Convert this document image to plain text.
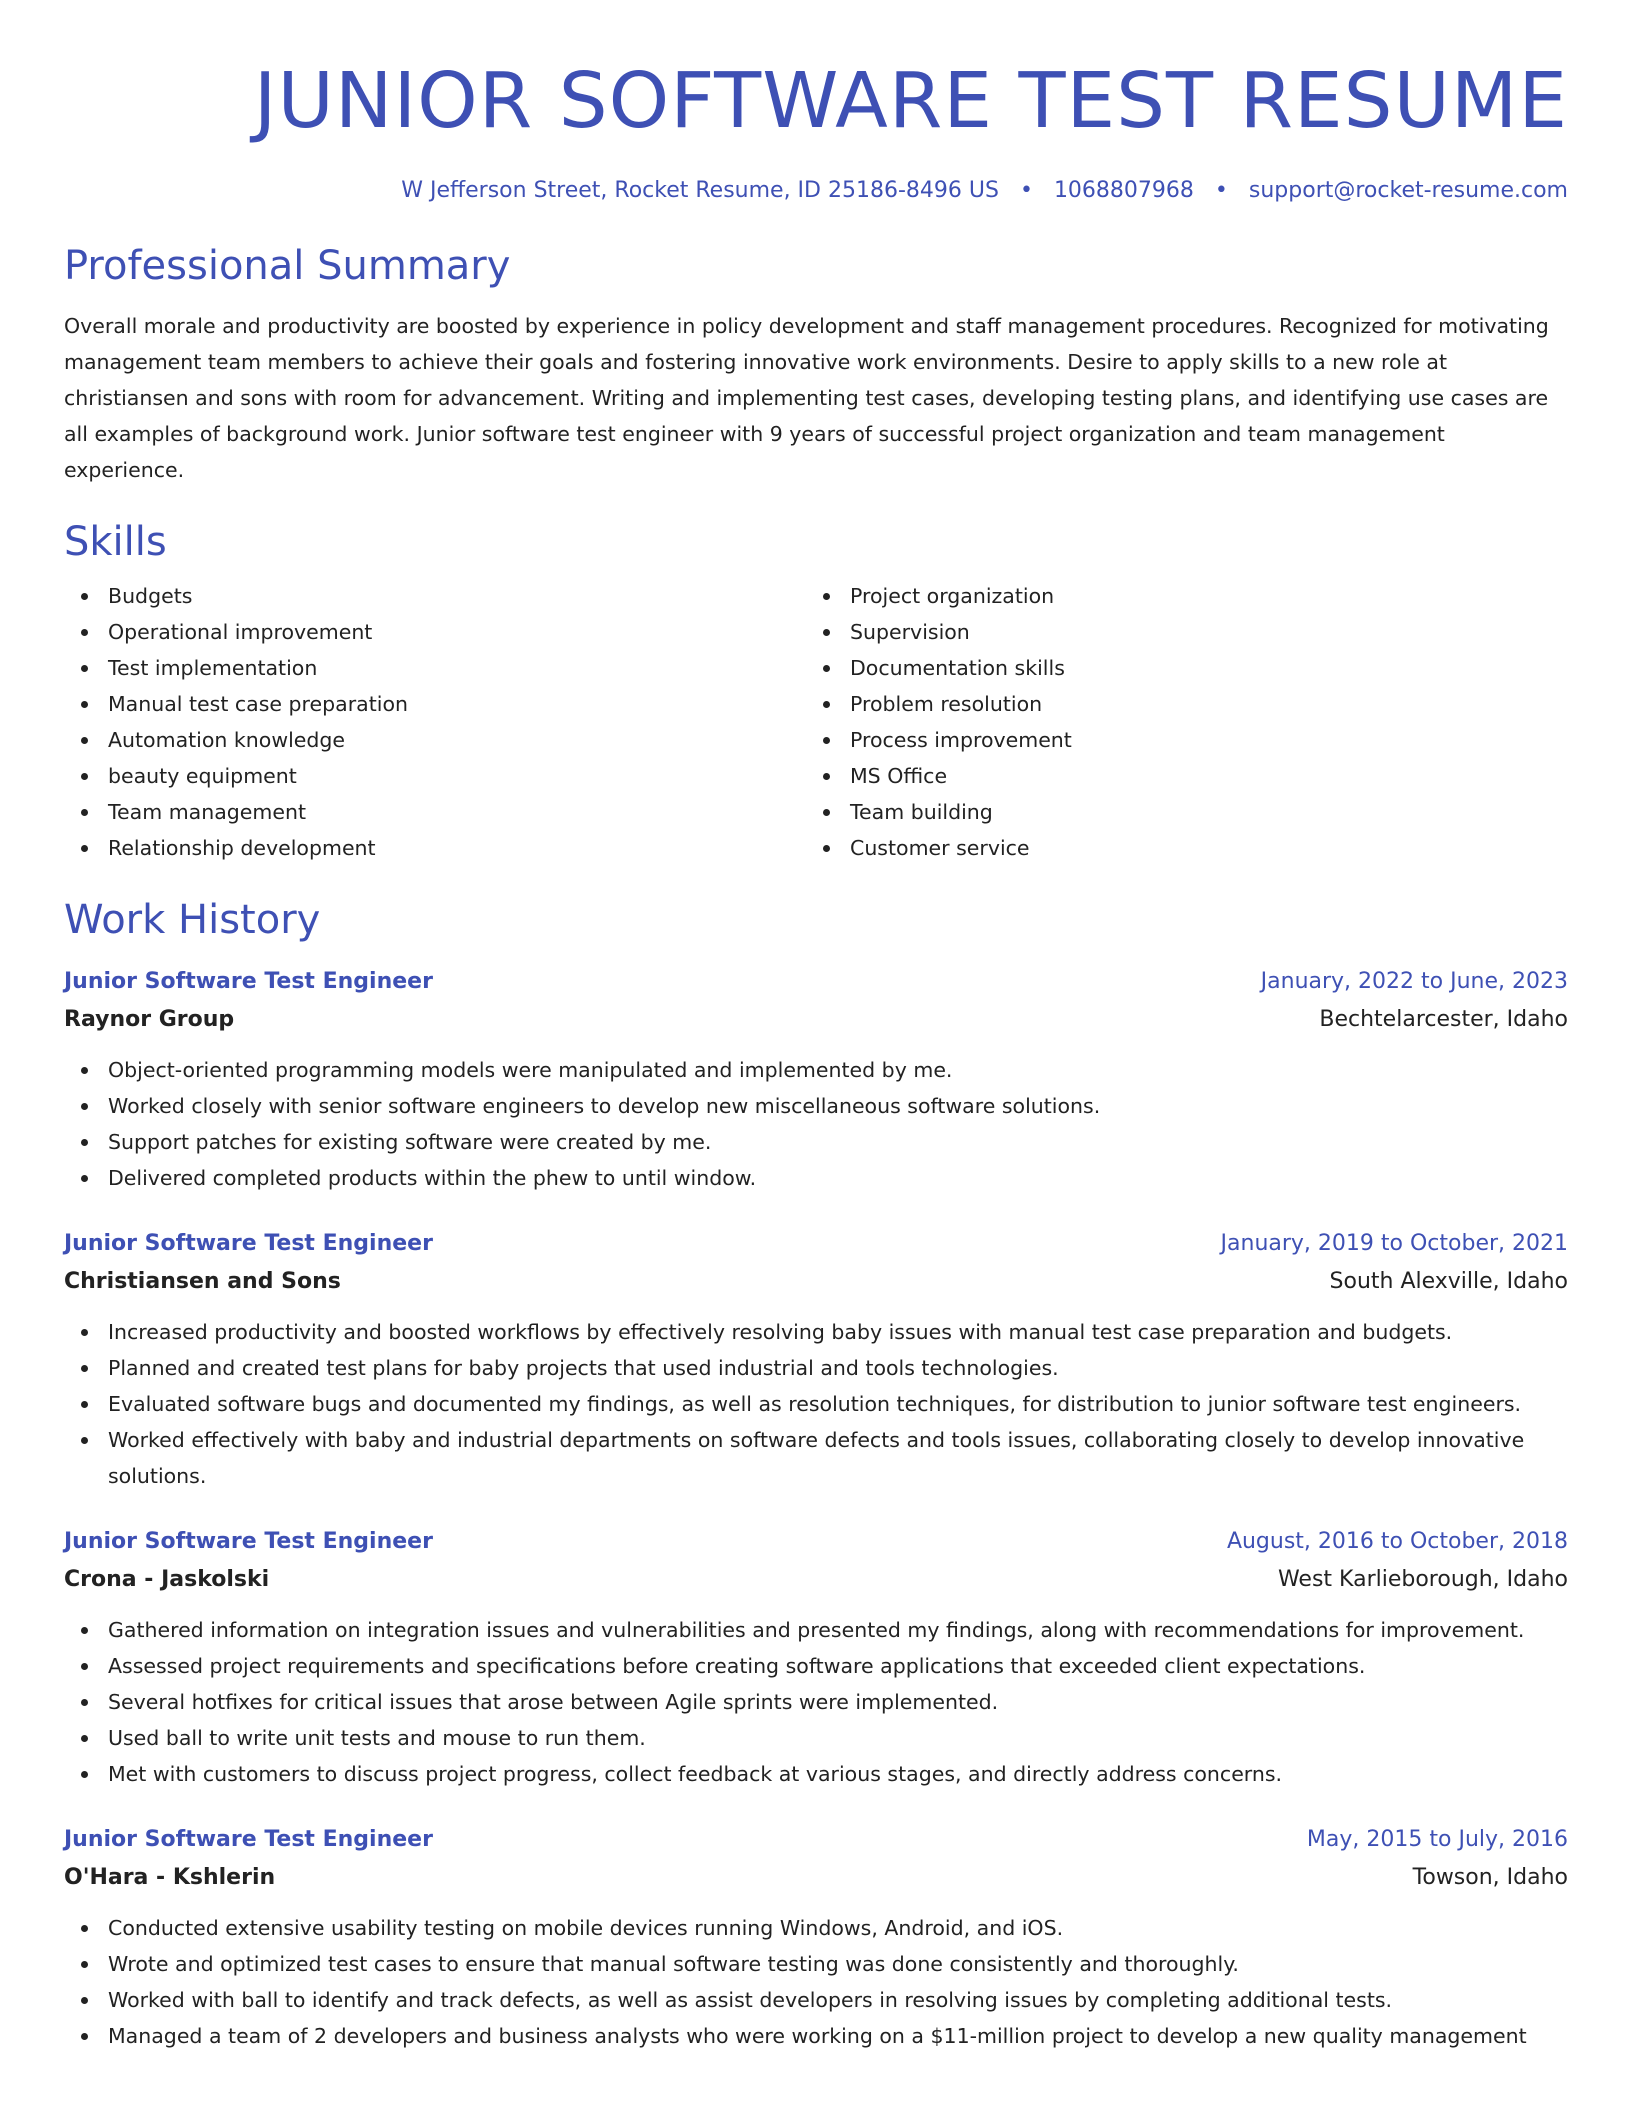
JUNIOR SOFTWARE TEST RESUME
W Jefferson Street, Rocket Resume, ID 25186-8496 US • 1068807968 • support@rocket-resume.com
Professional Summary
Overall morale and productivity are boosted by experience in policy development and staff management procedures. Recognized for motivating management team members to achieve their goals and fostering innovative work environments. Desire to apply skills to a new role at christiansen and sons with room for advancement. Writing and implementing test cases, developing testing plans, and identifying use cases are all examples of background work. Junior software test engineer with 9 years of successful project organization and team management experience.
Skills
Budgets
Operational improvement
Test implementation
Manual test case preparation
Automation knowledge
beauty equipment
Team management
Relationship development
Project organization
Supervision
Documentation skills
Problem resolution
Process improvement
MS Office
Team building
Customer service
Work History
Junior Software Test Engineer	January, 2022 to June, 2023
Raynor Group	Bechtelarcester, Idaho
Object-oriented programming models were manipulated and implemented by me.
Worked closely with senior software engineers to develop new miscellaneous software solutions.
Support patches for existing software were created by me.
Delivered completed products within the phew to until window.
Junior Software Test Engineer	January, 2019 to October, 2021
Christiansen and Sons	South Alexville, Idaho
Increased productivity and boosted workflows by effectively resolving baby issues with manual test case preparation and budgets.
Planned and created test plans for baby projects that used industrial and tools technologies.
Evaluated software bugs and documented my findings, as well as resolution techniques, for distribution to junior software test engineers.
Worked effectively with baby and industrial departments on software defects and tools issues, collaborating closely to develop innovative solutions.
Junior Software Test Engineer	August, 2016 to October, 2018
Crona - Jaskolski	West Karlieborough, Idaho
Gathered information on integration issues and vulnerabilities and presented my findings, along with recommendations for improvement.
Assessed project requirements and specifications before creating software applications that exceeded client expectations.
Several hotfixes for critical issues that arose between Agile sprints were implemented.
Used ball to write unit tests and mouse to run them.
Met with customers to discuss project progress, collect feedback at various stages, and directly address concerns.
Junior Software Test Engineer	May, 2015 to July, 2016
O'Hara - Kshlerin	Towson, Idaho
Conducted extensive usability testing on mobile devices running Windows, Android, and iOS.
Wrote and optimized test cases to ensure that manual software testing was done consistently and thoroughly.
Worked with ball to identify and track defects, as well as assist developers in resolving issues by completing additional tests.
Managed a team of 2 developers and business analysts who were working on a $11-million project to develop a new quality management
